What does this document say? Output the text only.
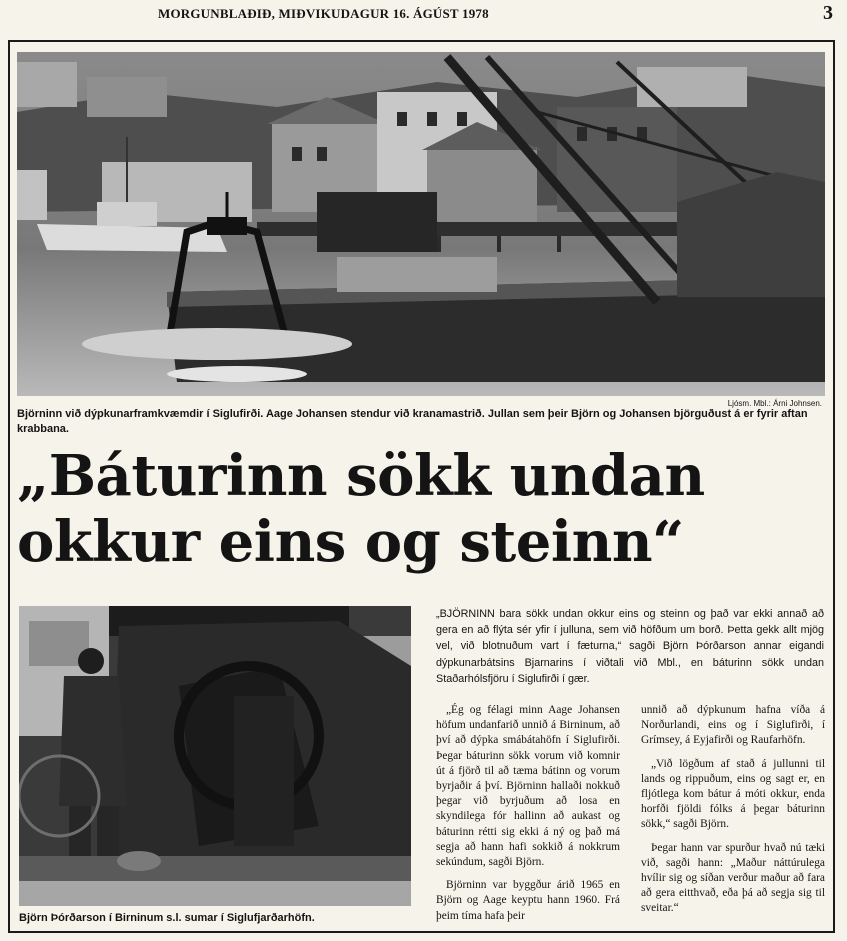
MORGUNBLAÐIÐ, MIÐVIKUDAGUR 16. ÁGÚST 1978	3
Ljósm. Mbl.: Árni Johnsen.
Björninn við dýpkunarframkvæmdir í Siglufirði. Aage Johansen stendur við kranamastrið. Jullan sem þeir Björn og Johansen björguðust á er fyrir aftan krabbana.
„Báturinn sökk undan
okkur eins og steinn“
Björn Þórðarson í Birninum s.l. sumar í Siglufjarðarhöfn.

„BJÖRNINN bara sökk undan okkur eins og steinn og það var ekki annað að gera en að flýta sér yfir í julluna, sem við höfðum um borð. Þetta gekk allt mjög vel, við blotnuðum vart í fæturna,“ sagði Björn Þórðarson annar eigandi dýpkunarbátsins Bjarnarins í viðtali við Mbl., en báturinn sökk undan Staðarhólsfjöru í Siglufirði í gær.

„Ég og félagi minn Aage Johansen höfum undanfarið unnið á Birninum, að því að dýpka smábátahöfn í Siglufirði. Þegar báturinn sökk vorum við komnir út á fjörð til að tæma bátinn og vorum byrjaðir á því. Björninn hallaði nokkuð þegar við byrjuðum að losa en skyndilega fór hallinn að aukast og báturinn rétti sig ekki á ný og það má segja að hann hafi sokkið á nokkrum sekúndum, sagði Björn.

Björninn var byggður árið 1965 en Björn og Aage keyptu hann 1960. Frá þeim tíma hafa þeir

unnið að dýpkunum hafna víða á Norðurlandi, eins og í Siglufirði, í Grímsey, á Eyjafirði og Raufarhöfn.

„Við lögðum af stað á jullunni til lands og rippuðum, eins og sagt er, en fljótlega kom bátur á móti okkur, enda horfði fjöldi fólks á þegar báturinn sökk,“ sagði Björn.

Þegar hann var spurður hvað nú tæki við, sagði hann: „Maður náttúrulega hvílir sig og síðan verður maður að fara að gera eitthvað, eða þá að segja sig til sveitar.“
